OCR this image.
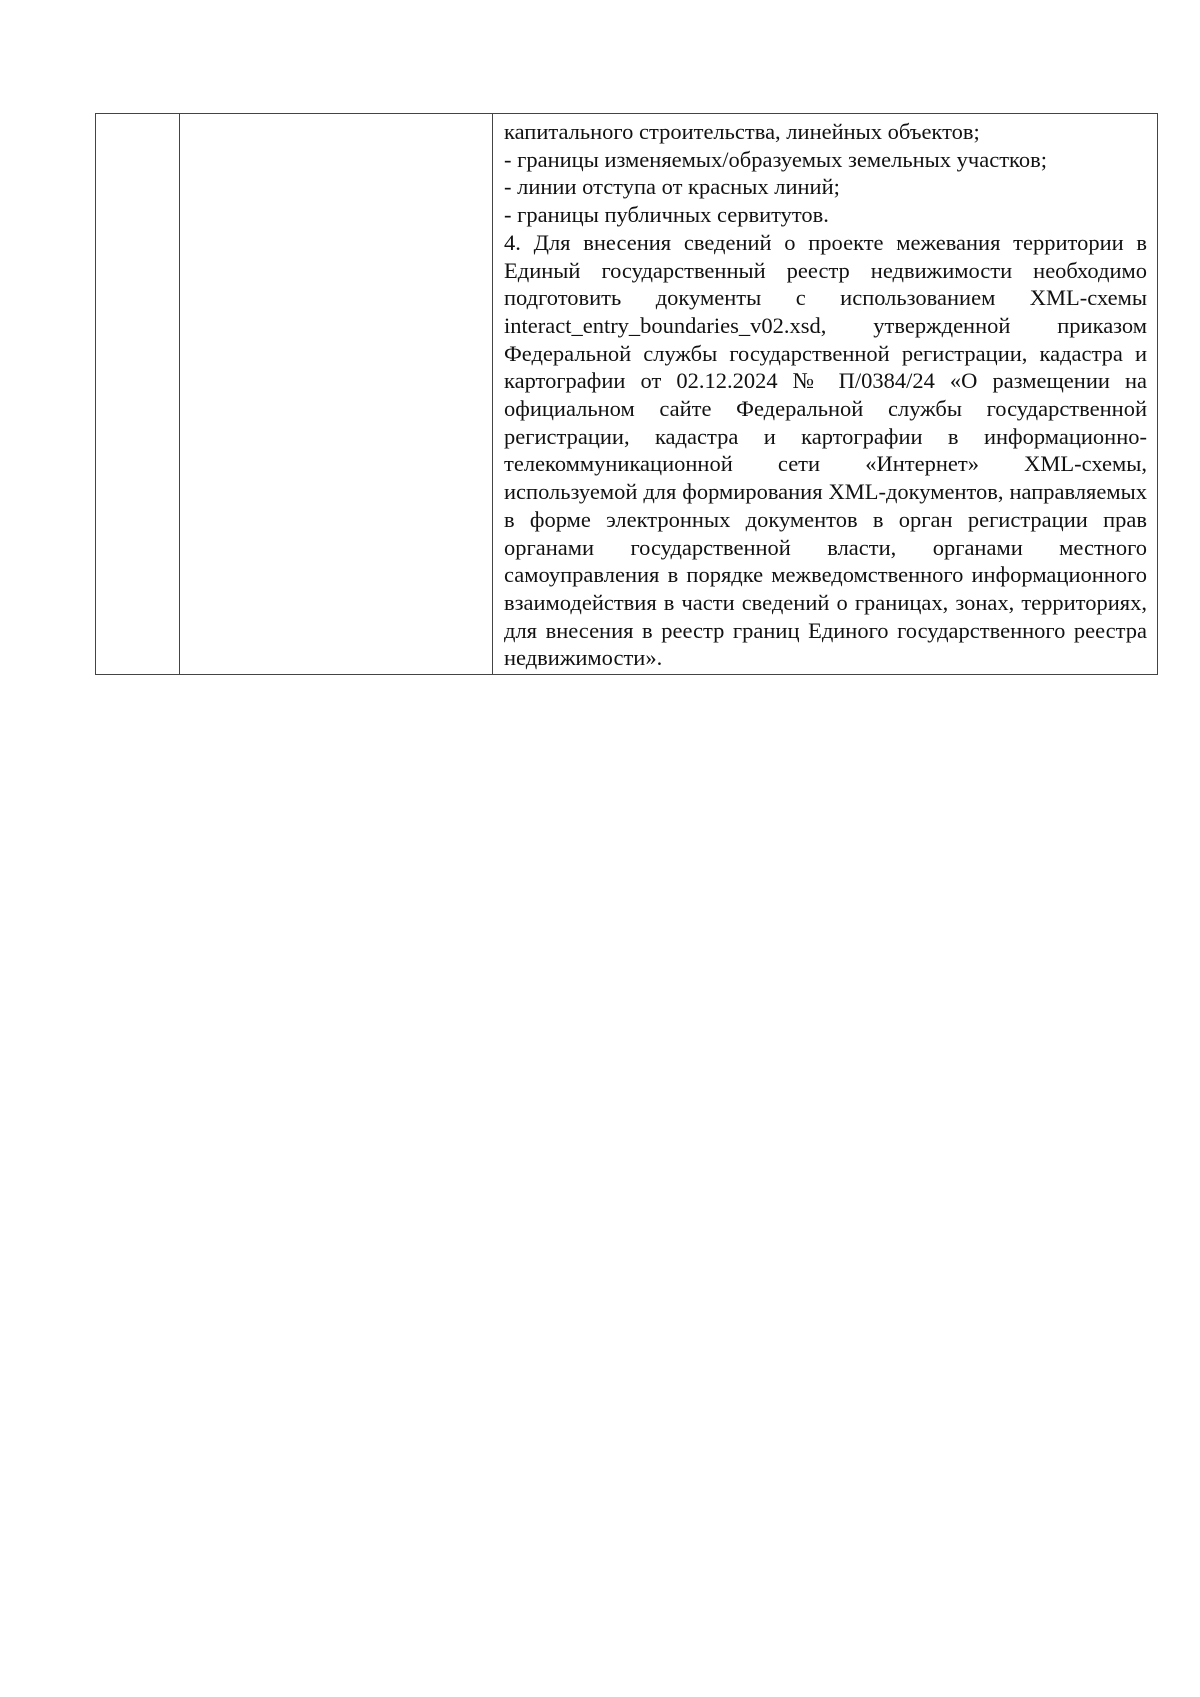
капитального строительства, линейных объектов;

- границы изменяемых/образуемых земельных участков;

- линии отступа от красных линий;

- границы публичных сервитутов.

4. Для внесения сведений о проекте межевания территории в Единый государственный реестр недвижимости необходимо подготовить документы с использованием XML-схемы interact_entry_boundaries_v02.xsd, утвержденной приказом Федеральной службы государственной регистрации, кадастра и картографии от 02.12.2024 № П/0384/24 «О размещении на официальном сайте Федеральной службы государственной регистрации, кадастра и картографии в информационно-телекоммуникационной сети «Интернет» XML-схемы, используемой для формирования XML-документов, направляемых в форме электронных документов в орган регистрации прав органами государственной власти, органами местного самоуправления в порядке межведомственного информационного взаимодействия в части сведений о границах, зонах, территориях, для внесения в реестр границ Единого государственного реестра недвижимости».
